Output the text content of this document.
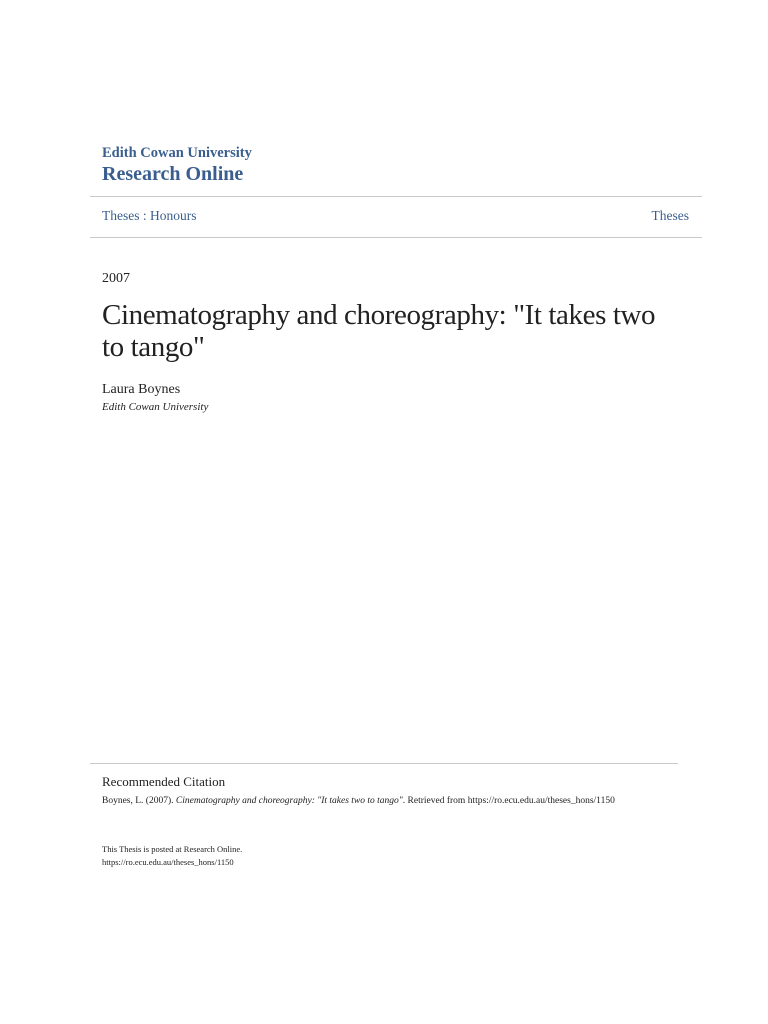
Edith Cowan University
Research Online
Theses : Honours	Theses
2007
Cinematography and choreography: "It takes two to tango"
Laura Boynes
Edith Cowan University
Recommended Citation
Boynes, L. (2007). Cinematography and choreography: "It takes two to tango". Retrieved from https://ro.ecu.edu.au/theses_hons/1150
This Thesis is posted at Research Online.
https://ro.ecu.edu.au/theses_hons/1150
